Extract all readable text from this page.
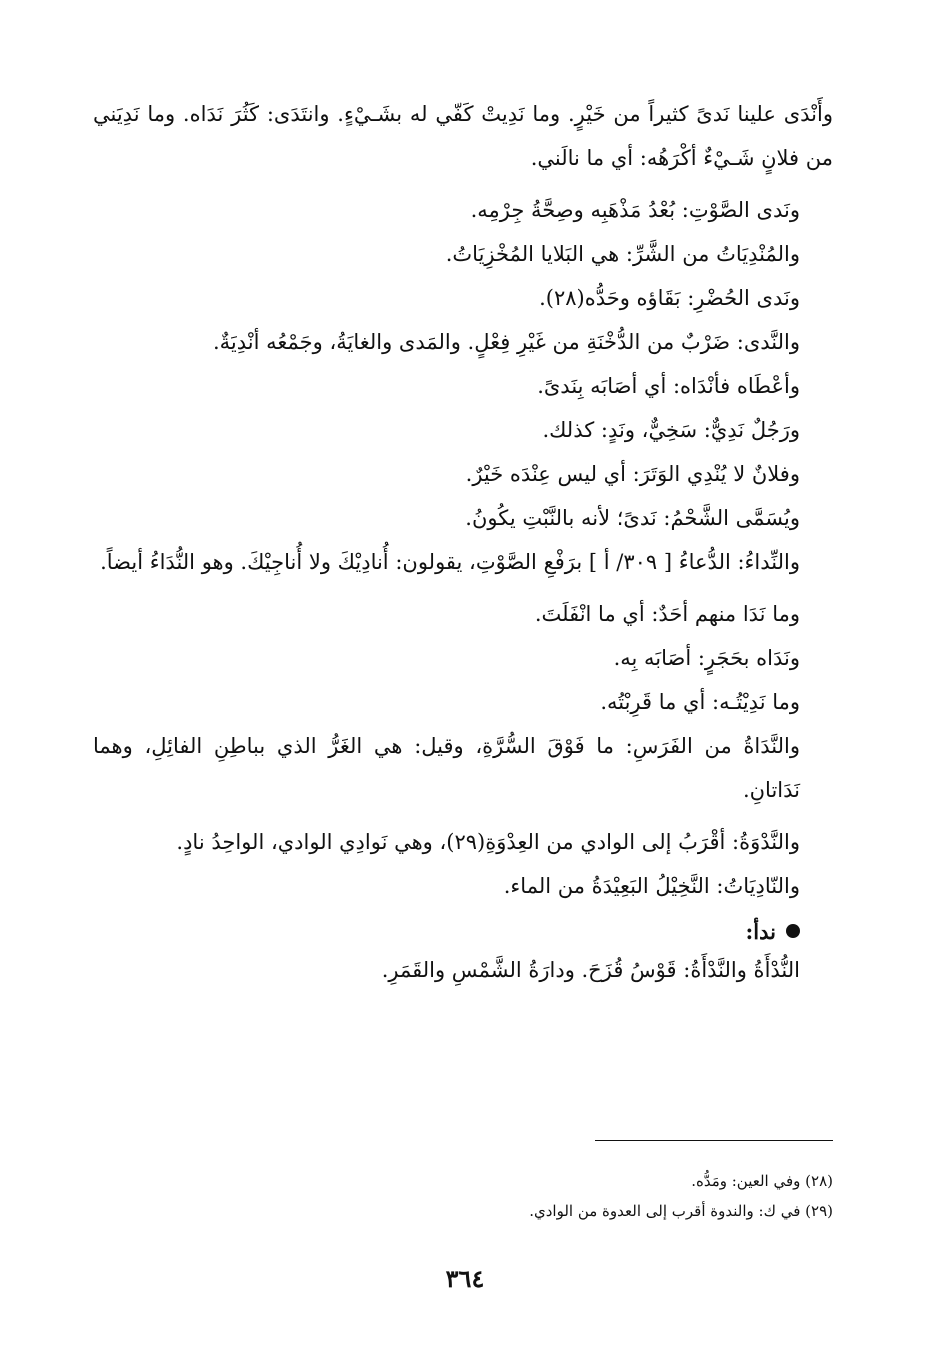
وأَنْدَى علينا نَدىً كثيراً من خَيْرٍ. وما نَدِيتْ كَفّي له بشَـيْءٍ. وانتَدَى: كَثُرَ نَدَاه. وما نَدِيَني من فلانٍ شَـيْءٌ أكْرَهُه: أي ما نالَني.

ونَدى الصَّوْتِ: بُعْدُ مَذْهَبِه وصِحَّةُ جِرْمِه.

والمُنْدِيَاتُ من الشَّرِّ: هي البَلايا المُخْزِيَاتُ.

ونَدى الحُضْرِ: بَقَاؤه وحَدُّه(٢٨).

والنَّدى: ضَرْبٌ من الدُّخْنَةِ من غَيْرِ فِعْلٍ. والمَدى والغايَةُ، وجَمْعُه أنْدِيَةٌ.

وأعْطَاه فأنْدَاه: أي أصَابَه بِنَدىً.

ورَجُلٌ نَدِيٌّ: سَخِيٌّ، ونَدٍ: كذلك.

وفلانٌ لا يُنْدِي الوَتَرَ: أي ليس عِنْدَه خَيْرٌ.

ويُسَمَّى الشَّحْمُ: نَدىً؛ لأنه بالنَّبْتِ يكُونُ.

والنِّداءُ: الدُّعاءُ [ ٣٠٩/ أ ] برَفْعِ الصَّوْتِ، يقولون: أُنادِيْكَ ولا أُناجِيْكَ. وهو النُّدَاءُ أيضاً.

وما نَدَا منهم أحَدٌ: أي ما انْفَلَتَ.

ونَدَاه بحَجَرٍ: أصَابَه بِه.

وما نَدِيْتُـه: أي ما قَرِبْتُه.

والنَّدَاةُ من الفَرَسِ: ما فَوْقَ السُّرَّةِ، وقيل: هي الغَرُّ الذي بباطِنِ الفائِلِ، وهما نَدَاتانِ.

والنَّدْوَةُ: أقْرَبُ إلى الوادي من العِدْوَةِ(٢٩)، وهي نَوادِي الوادي، الواحِدُ نادٍ.

والنّادِيَاتُ: النَّخِيْلُ البَعِيْدَةُ من الماء.

ندأ:

النُّدْأَةُ والنَّدْأَةُ: قَوْسُ قُزَحَ. ودارَةُ الشَّمْسِ والقَمَرِ.

(٢٨) وفي العين: ومَدُّه.

(٢٩) في ك: والندوة أقرب إلى العدوة من الوادي.

٣٦٤
